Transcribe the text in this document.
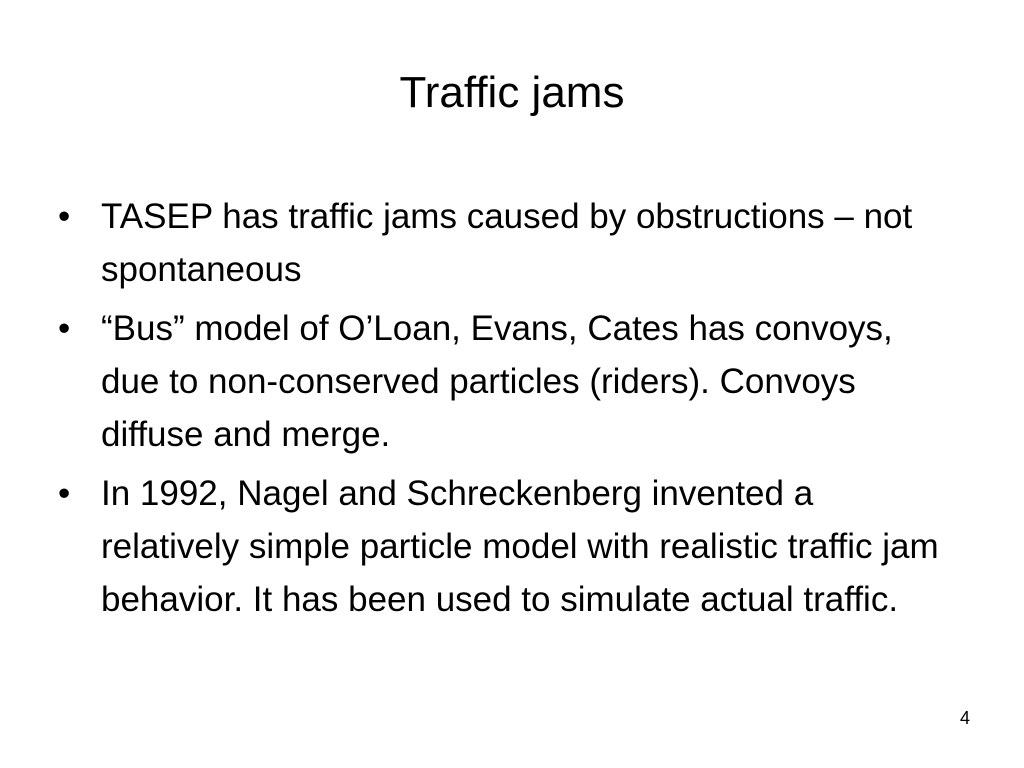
Traffic jams
• TASEP has traffic jams caused by obstructions – not spontaneous
• “Bus” model of O’Loan, Evans, Cates has convoys, due to non-conserved particles (riders). Convoys diffuse and merge.
• In 1992, Nagel and Schreckenberg invented a relatively simple particle model with realistic traffic jam behavior. It has been used to simulate actual traffic.
4
